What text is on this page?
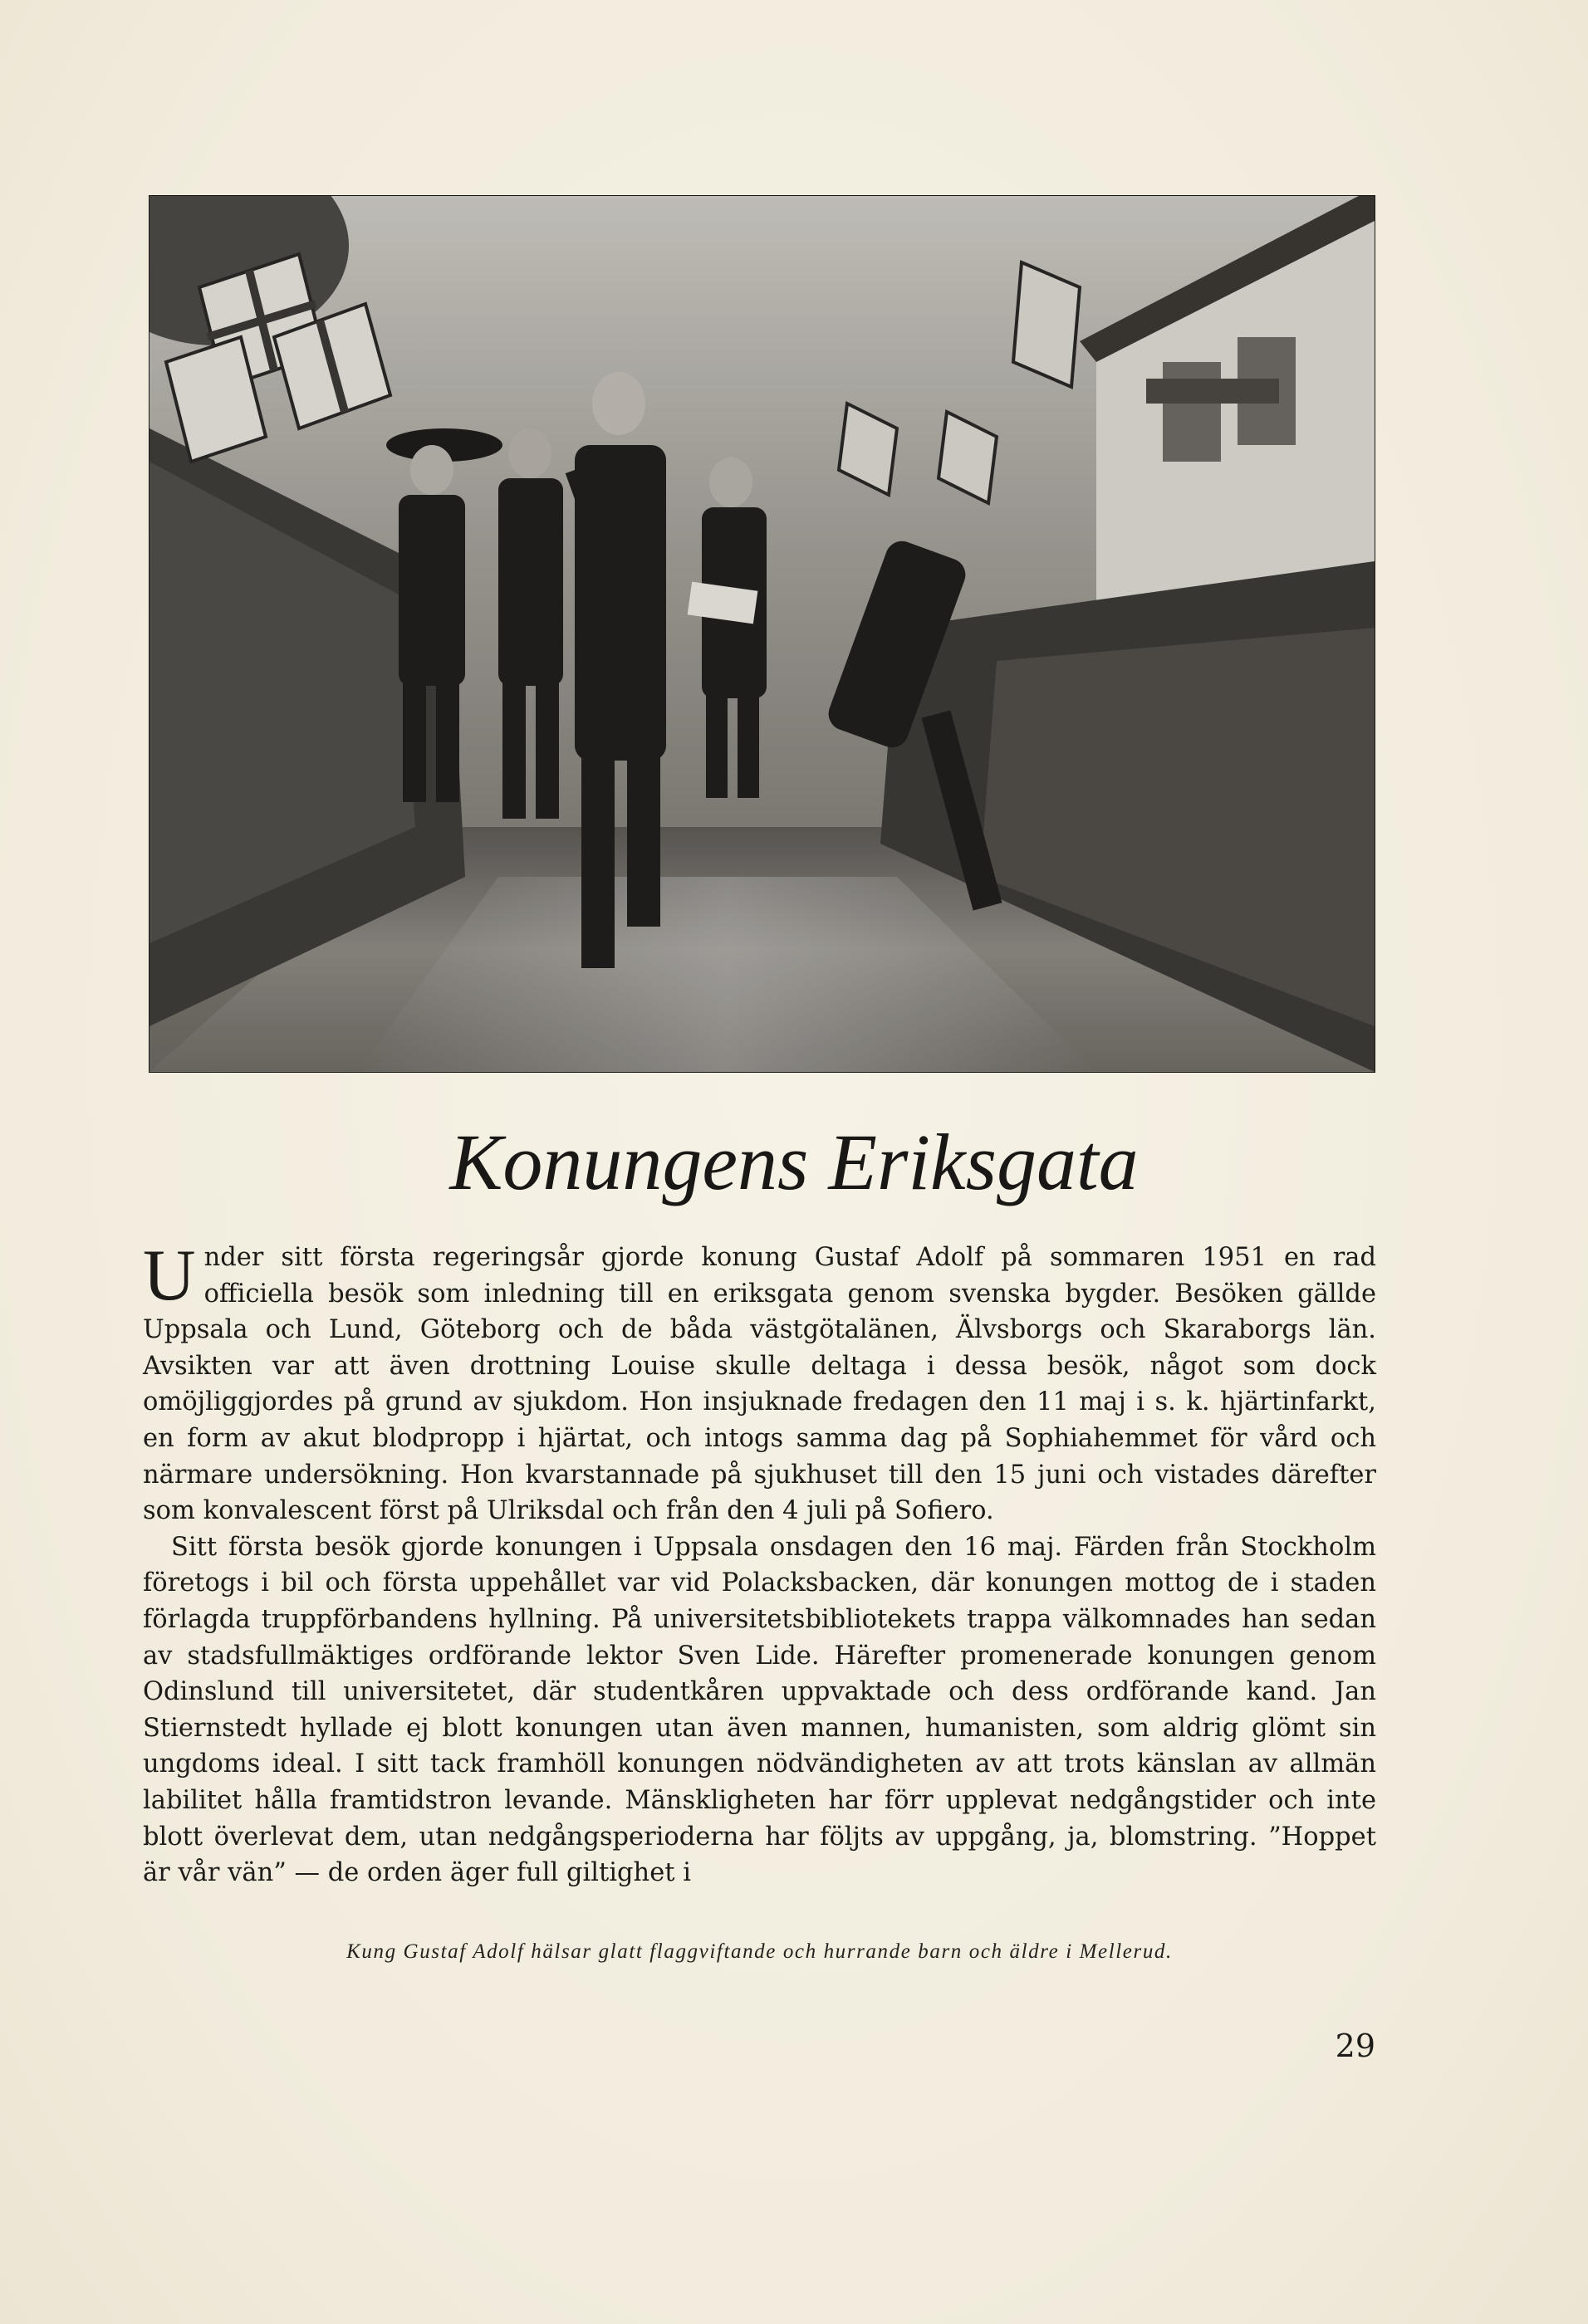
Konungens Eriksgata

Under sitt första regeringsår gjorde konung Gustaf Adolf på sommaren 1951 en rad officiella besök som inledning till en eriksgata genom svenska bygder. Besöken gällde Uppsala och Lund, Göteborg och de båda västgötalänen, Älvsborgs och Skaraborgs län. Avsikten var att även drottning Louise skulle deltaga i dessa besök, något som dock omöjliggjordes på grund av sjukdom. Hon insjuknade fredagen den 11 maj i s. k. hjärtinfarkt, en form av akut blodpropp i hjärtat, och intogs samma dag på Sophiahemmet för vård och närmare undersökning. Hon kvarstannade på sjukhuset till den 15 juni och vistades därefter som konvalescent först på Ulriksdal och från den 4 juli på Sofiero.

Sitt första besök gjorde konungen i Uppsala onsdagen den 16 maj. Färden från Stockholm företogs i bil och första uppehållet var vid Polacksbacken, där konungen mottog de i staden förlagda truppförbandens hyllning. På universitetsbibliotekets trappa välkomnades han sedan av stadsfullmäktiges ordförande lektor Sven Lide. Härefter promenerade konungen genom Odinslund till universitetet, där studentkåren uppvaktade och dess ordförande kand. Jan Stiernstedt hyllade ej blott konungen utan även mannen, humanisten, som aldrig glömt sin ungdoms ideal. I sitt tack framhöll konungen nödvändigheten av att trots känslan av allmän labilitet hålla framtidstron levande. Mänskligheten har förr upplevat nedgångstider och inte blott överlevat dem, utan nedgångsperioderna har följts av uppgång, ja, blomstring. ”Hoppet är vår vän” — de orden äger full giltighet i

Kung Gustaf Adolf hälsar glatt flaggviftande och hurrande barn och äldre i Mellerud.
29
